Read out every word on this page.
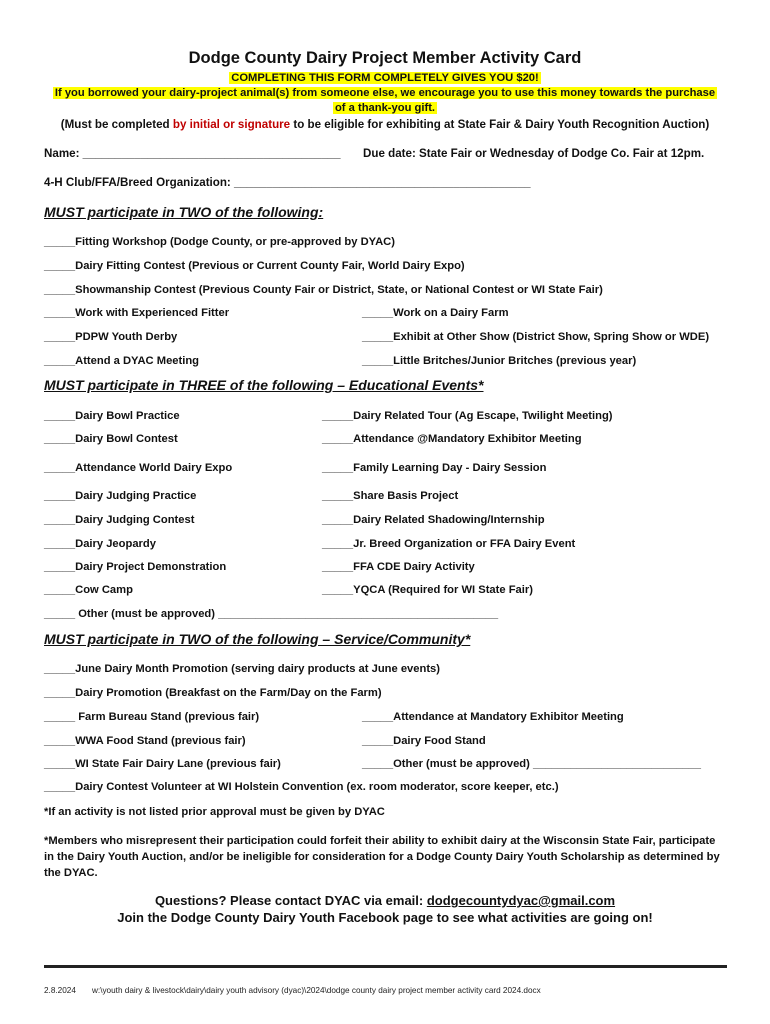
Dodge County Dairy Project Member Activity Card
COMPLETING THIS FORM COMPLETELY GIVES YOU $20!
If you borrowed your dairy-project animal(s) from someone else, we encourage you to use this money towards the purchase
of a thank-you gift.
(Must be completed by initial or signature to be eligible for exhibiting at State Fair & Dairy Youth Recognition Auction)
Name: ________________________________________ Due date: State Fair or Wednesday of Dodge Co. Fair at 12pm.
4-H Club/FFA/Breed Organization: ______________________________________________
MUST participate in TWO of the following:
_____Fitting Workshop (Dodge County, or pre-approved by DYAC)
_____Dairy Fitting Contest (Previous or Current County Fair, World Dairy Expo)
_____Showmanship Contest (Previous County Fair or District, State, or National Contest or WI State Fair)
_____Work with Experienced Fitter	_____Work on a Dairy Farm
_____PDPW Youth Derby	_____Exhibit at Other Show (District Show, Spring Show or WDE)
_____Attend a DYAC Meeting	_____Little Britches/Junior Britches (previous year)
MUST participate in THREE of the following – Educational Events*
_____Dairy Bowl Practice	_____Dairy Related Tour (Ag Escape, Twilight Meeting)
_____Dairy Bowl Contest	_____Attendance @Mandatory Exhibitor Meeting
_____Attendance World Dairy Expo	_____Family Learning Day - Dairy Session
_____Dairy Judging Practice	_____Share Basis Project
_____Dairy Judging Contest	_____Dairy Related Shadowing/Internship
_____Dairy Jeopardy	_____Jr. Breed Organization or FFA Dairy Event
_____Dairy Project Demonstration	_____FFA CDE Dairy Activity
_____Cow Camp	_____YQCA (Required for WI State Fair)
_____ Other (must be approved) _____________________________________________
MUST participate in TWO of the following – Service/Community*
_____June Dairy Month Promotion (serving dairy products at June events)
_____Dairy Promotion (Breakfast on the Farm/Day on the Farm)
_____ Farm Bureau Stand (previous fair)	_____Attendance at Mandatory Exhibitor Meeting
_____WWA Food Stand (previous fair)	_____Dairy Food Stand
_____WI State Fair Dairy Lane (previous fair)	_____Other (must be approved) ___________________________
_____Dairy Contest Volunteer at WI Holstein Convention (ex. room moderator, score keeper, etc.)
*If an activity is not listed prior approval must be given by DYAC
*Members who misrepresent their participation could forfeit their ability to exhibit dairy at the Wisconsin State Fair, participate in the Dairy Youth Auction, and/or be ineligible for consideration for a Dodge County Dairy Youth Scholarship as determined by the DYAC.
Questions? Please contact DYAC via email: dodgecountydyac@gmail.com
Join the Dodge County Dairy Youth Facebook page to see what activities are going on!
2.8.2024 w:\youth dairy & livestock\dairy\dairy youth advisory (dyac)\2024\dodge county dairy project member activity card 2024.docx
